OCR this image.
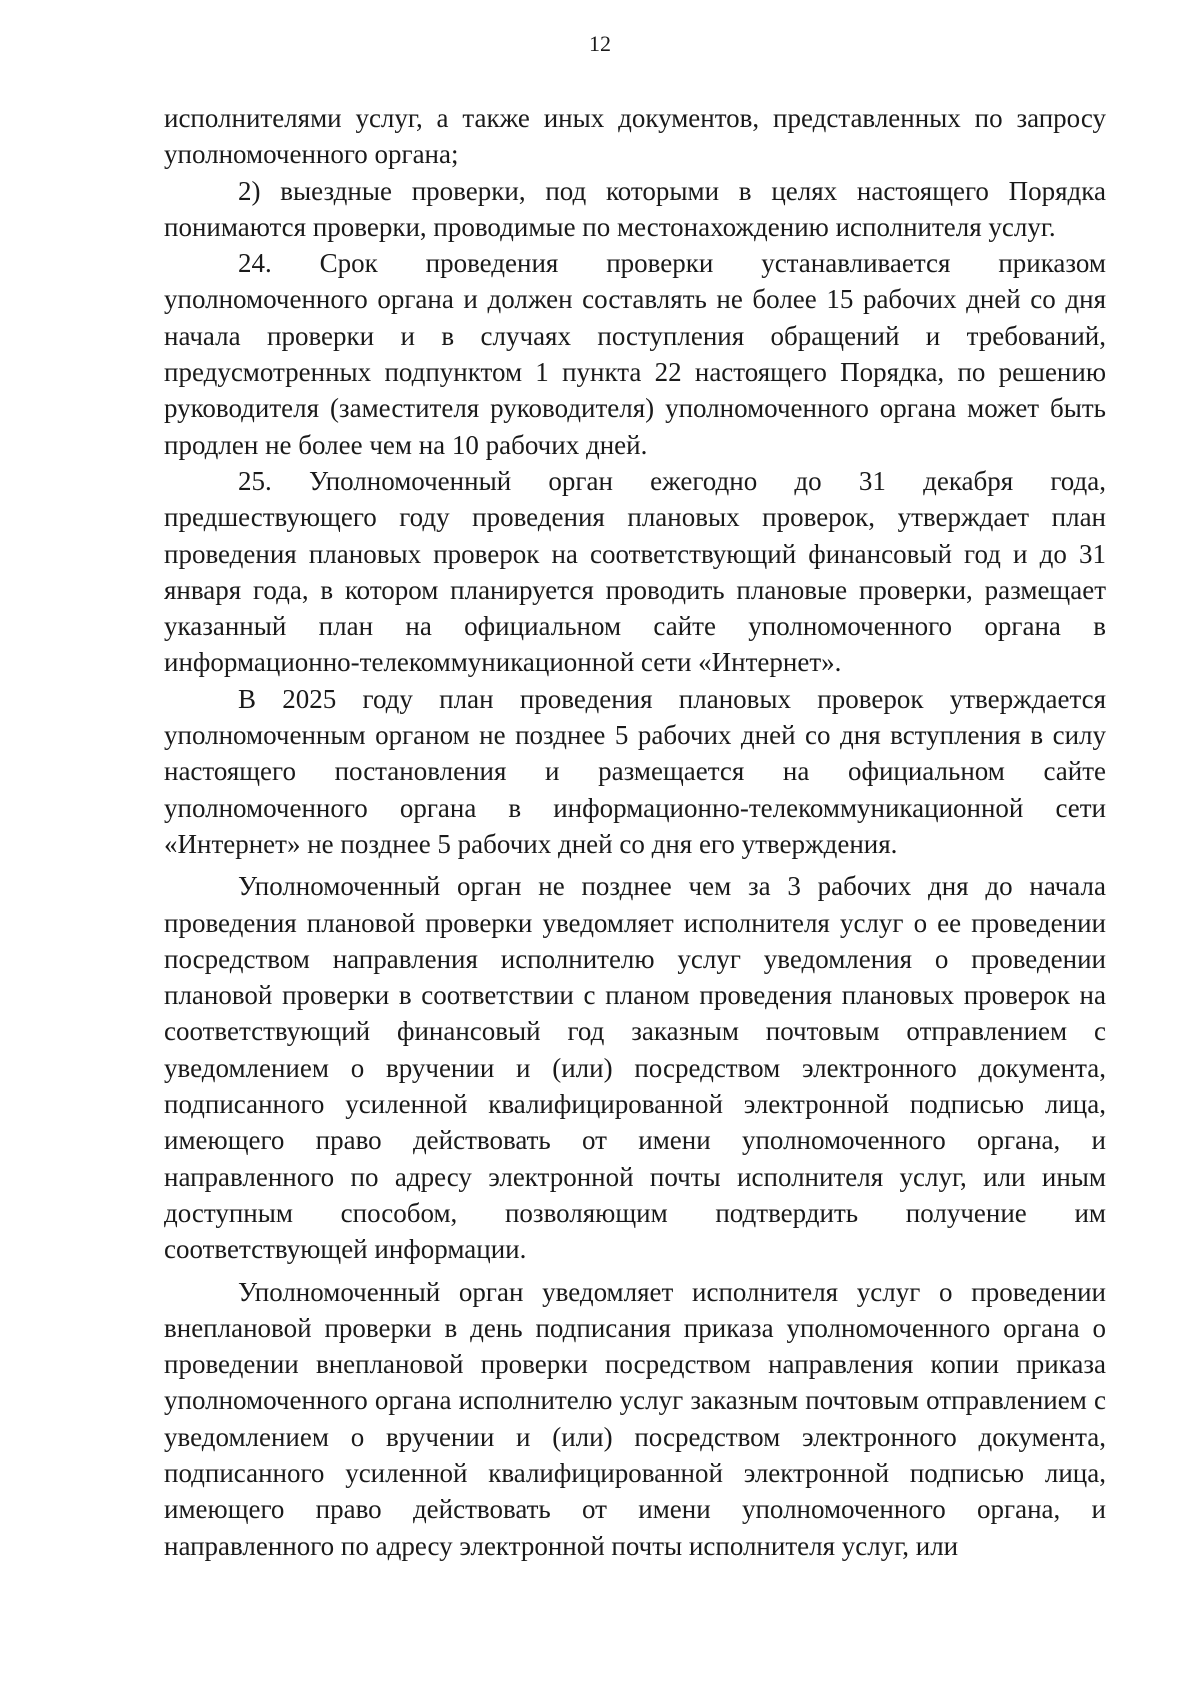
12

исполнителями услуг, а также иных документов, представленных по запросу уполномоченного органа;

2) выездные проверки, под которыми в целях настоящего Порядка понимаются проверки, проводимые по местонахождению исполнителя услуг.

24. Срок проведения проверки устанавливается приказом уполномоченного органа и должен составлять не более 15 рабочих дней со дня начала проверки и в случаях поступления обращений и требований, предусмотренных подпунктом 1 пункта 22 настоящего Порядка, по решению руководителя (заместителя руководителя) уполномоченного органа может быть продлен не более чем на 10 рабочих дней.

25. Уполномоченный орган ежегодно до 31 декабря года, предшествующего году проведения плановых проверок, утверждает план проведения плановых проверок на соответствующий финансовый год и до 31 января года, в котором планируется проводить плановые проверки, размещает указанный план на официальном сайте уполномоченного органа в информационно-телекоммуникационной сети «Интернет».

В 2025 году план проведения плановых проверок утверждается уполномоченным органом не позднее 5 рабочих дней со дня вступления в силу настоящего постановления и размещается на официальном сайте уполномоченного органа в информационно-телекоммуникационной сети «Интернет» не позднее 5 рабочих дней со дня его утверждения.

Уполномоченный орган не позднее чем за 3 рабочих дня до начала проведения плановой проверки уведомляет исполнителя услуг о ее проведении посредством направления исполнителю услуг уведомления о проведении плановой проверки в соответствии с планом проведения плановых проверок на соответствующий финансовый год заказным почтовым отправлением с уведомлением о вручении и (или) посредством электронного документа, подписанного усиленной квалифицированной электронной подписью лица, имеющего право действовать от имени уполномоченного органа, и направленного по адресу электронной почты исполнителя услуг, или иным доступным способом, позволяющим подтвердить получение им соответствующей информации.

Уполномоченный орган уведомляет исполнителя услуг о проведении внеплановой проверки в день подписания приказа уполномоченного органа о проведении внеплановой проверки посредством направления копии приказа уполномоченного органа исполнителю услуг заказным почтовым отправлением с уведомлением о вручении и (или) посредством электронного документа, подписанного усиленной квалифицированной электронной подписью лица, имеющего право действовать от имени уполномоченного органа, и направленного по адресу электронной почты исполнителя услуг, или
